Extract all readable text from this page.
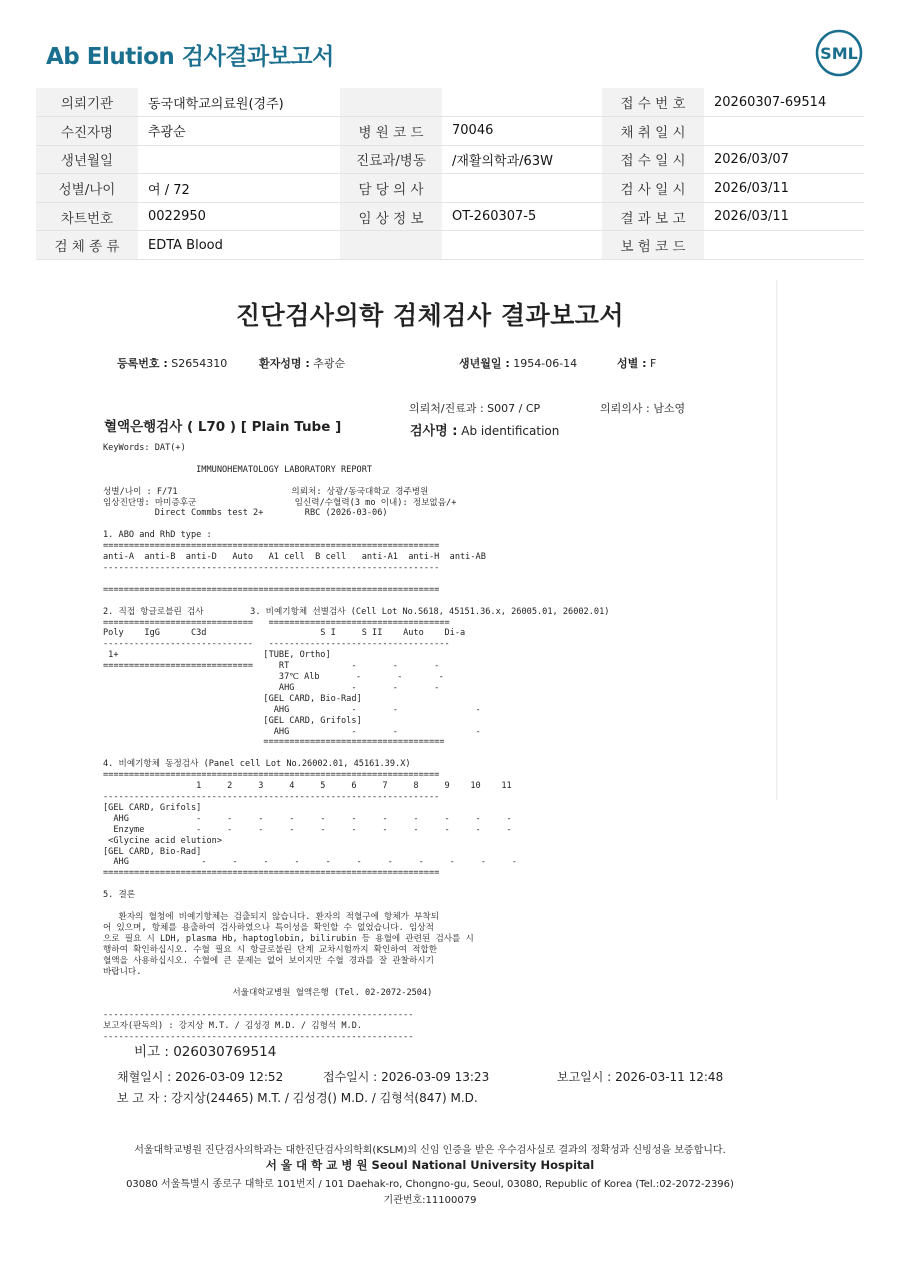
Ab Elution 검사결과보고서	SML
의뢰기관	동국대학교의료원(경주)			접 수 번 호	20260307-69514
수진자명	추광순	병 원 코 드	70046	채 취 일 시	
생년월일		진료과/병동	/재활의학과/63W	접 수 일 시	2026/03/07
성별/나이	여 / 72	담 당 의 사		검 사 일 시	2026/03/11
차트번호	0022950	임 상 정 보	OT-260307-5	결 과 보 고	2026/03/11
검 체 종 류	EDTA Blood			보 험 코 드	
진단검사의학 검체검사 결과보고서
등록번호 : S2654310	환자성명 : 추광순	생년월일 : 1954-06-14	성별 : F
의뢰처/진료과 : S007 / CP	의뢰의사 : 남소영
혈액은행검사 ( L70 ) [ Plain Tube ]	검사명 : Ab identification
KeyWords: DAT(+)

IMMUNOHEMATOLOGY LABORATORY REPORT

성별/나이 : F/71                      의뢰처: 상광/동국대학교 경주병원
임상진단명: 마미증후군                   임신력/수혈력(3 mo 이내): 정보없음/+
Direct Commbs test 2+        RBC (2026-03-06)

1. ABO and RhD type :
=================================================================
anti-A  anti-B  anti-D   Auto   A1 cell  B cell   anti-A1  anti-H  anti-AB
-----------------------------------------------------------------

=================================================================

2. 직접 항글로블린 검사         3. 비예기항체 선별검사 (Cell Lot No.S618, 45151.36.x, 26005.01, 26002.01)
=============================   ===================================
Poly    IgG      C3d                      S I     S II    Auto    Di-a
-----------------------------   -----------------------------------
1+                            [TUBE, Ortho]
=============================     RT            -       -       -
37℃ Alb       -       -       -
AHG           -       -       -
[GEL CARD, Bio-Rad]
AHG            -       -               -
[GEL CARD, Grifols]
AHG            -       -               -
===================================

4. 비예기항체 동정검사 (Panel cell Lot No.26002.01, 45161.39.X)
=================================================================
1     2     3     4     5     6     7     8     9    10    11
-----------------------------------------------------------------
[GEL CARD, Grifols]
AHG             -     -     -     -     -     -     -     -     -     -     -
Enzyme          -     -     -     -     -     -     -     -     -     -     -
<Glycine acid elution>
[GEL CARD, Bio-Rad]
AHG              -     -     -     -     -     -     -     -     -     -     -
=================================================================

5. 결론

환자의 혈청에 비예기항체는 검출되지 않습니다. 환자의 적혈구에 항체가 부착되
어 있으며, 항체를 용출하여 검사하였으나 특이성을 확인할 수 없었습니다. 임상적
으로 필요 시 LDH, plasma Hb, haptoglobin, bilirubin 등 용혈에 관련된 검사를 시
행하여 확인하십시오. 수혈 필요 시 항글로불린 단계 교차시험까지 확인하여 적합한
혈액을 사용하십시오. 수혈에 큰 문제는 없어 보이지만 수혈 경과를 잘 관찰하시기
바랍니다.

서울대학교병원 혈액은행 (Tel. 02-2072-2504)

------------------------------------------------------------
보고자(판독의) : 강지상 M.T. / 김성경 M.D. / 김형석 M.D.
------------------------------------------------------------
비고 : 026030769514
채혈일시 : 2026-03-09 12:52	접수일시 : 2026-03-09 13:23	보고일시 : 2026-03-11 12:48
보 고 자 : 강지상(24465) M.T. / 김성경() M.D. / 김형석(847) M.D.
서울대학교병원 진단검사의학과는 대한진단검사의학회(KSLM)의 신임 인증을 받은 우수검사실로 결과의 정확성과 신빙성을 보증합니다.
서 울 대 학 교 병 원 Seoul National University Hospital
03080 서울특별시 종로구 대학로 101번지 / 101 Daehak-ro, Chongno-gu, Seoul, 03080, Republic of Korea (Tel.:02-2072-2396)
기관번호:11100079
